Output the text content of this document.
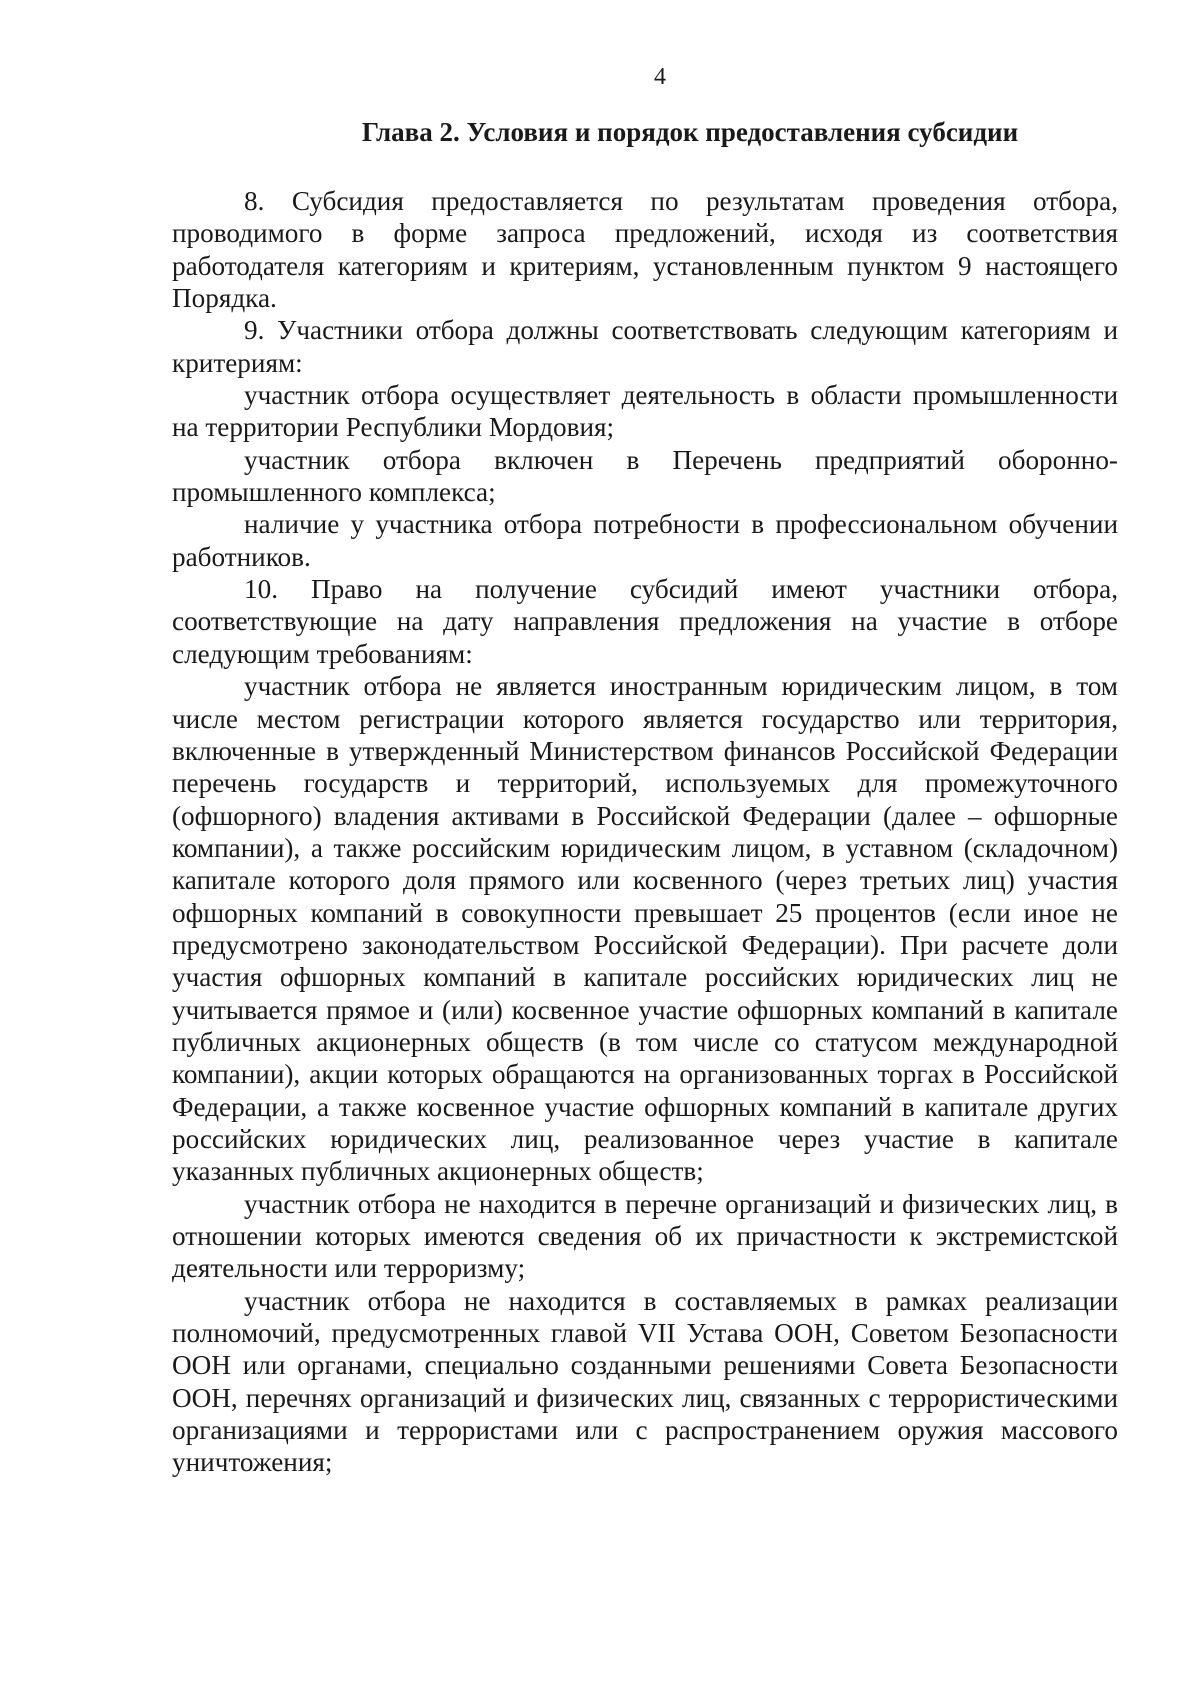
4
Глава 2. Условия и порядок предоставления субсидии

8. Субсидия предоставляется по результатам проведения отбора, проводимого в форме запроса предложений, исходя из соответствия работодателя категориям и критериям, установленным пунктом 9 настоящего Порядка.

9. Участники отбора должны соответствовать следующим категориям и критериям:

участник отбора осуществляет деятельность в области промышленности на территории Республики Мордовия;

участник отбора включен в Перечень предприятий оборонно-промышленного комплекса;

наличие у участника отбора потребности в профессиональном обучении работников.

10. Право на получение субсидий имеют участники отбора, соответствующие на дату направления предложения на участие в отборе следующим требованиям:

участник отбора не является иностранным юридическим лицом, в том числе местом регистрации которого является государство или территория, включенные в утвержденный Министерством финансов Российской Федерации перечень государств и территорий, используемых для промежуточного (офшорного) владения активами в Российской Федерации (далее – офшорные компании), а также российским юридическим лицом, в уставном (складочном) капитале которого доля прямого или косвенного (через третьих лиц) участия офшорных компаний в совокупности превышает 25 процентов (если иное не предусмотрено законодательством Российской Федерации). При расчете доли участия офшорных компаний в капитале российских юридических лиц не учитывается прямое и (или) косвенное участие офшорных компаний в капитале публичных акционерных обществ (в том числе со статусом международной компании), акции которых обращаются на организованных торгах в Российской Федерации, а также косвенное участие офшорных компаний в капитале других российских юридических лиц, реализованное через участие в капитале указанных публичных акционерных обществ;

участник отбора не находится в перечне организаций и физических лиц, в отношении которых имеются сведения об их причастности к экстремистской деятельности или терроризму;

участник отбора не находится в составляемых в рамках реализации полномочий, предусмотренных главой VII Устава ООН, Советом Безопасности ООН или органами, специально созданными решениями Совета Безопасности ООН, перечнях организаций и физических лиц, связанных с террористическими организациями и террористами или с распространением оружия массового уничтожения;
